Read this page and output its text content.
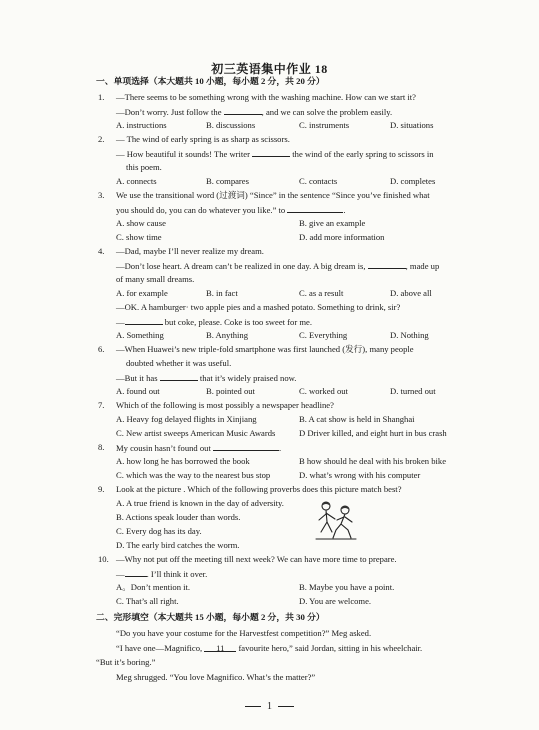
初三英语集中作业 18
一、单项选择（本大题共 10 小题，每小题 2 分，共 20 分）
1. —There seems to be something wrong with the washing machine. How can we start it?
—Don’t worry. Just follow the	, and we can solve the problem easily.
A. instructions	B. discussions	C. instruments	D. situations
2. — The wind of early spring is as sharp as scissors.
— How beautiful it sounds! The writer	the wind of the early spring to scissors in
this poem.
A. connects	B. compares	C. contacts	D. completes
3. We use the transitional word (过渡词) “Since” in the sentence “Since you’ve finished what
you should do, you can do whatever you like.” to	.
A. show cause	B. give an example
C. show time	D. add more information
4. —Dad, maybe I’ll never realize my dream.
—Don’t lose heart. A dream can’t be realized in one day. A big dream is,	, made up
of many small dreams.
A. for example	B. in fact	C. as a result	D. above all
—OK. A hamburger· two apple pies and a mashed potato. Something to drink, sir?
—	but coke, please. Coke is too sweet for me.
A. Something	B. Anything	C. Everything	D. Nothing
6. —When Huawei’s new triple-fold smartphone was first launched (发行), many people
doubted whether it was useful.
—But it has	that it’s widely praised now.
A. found out	B. pointed out	C. worked out	D. turned out
7. Which of the following is most possibly a newspaper headline?
A. Heavy fog delayed flights in Xinjiang	B. A cat show is held in Shanghai
C. New artist sweeps American Music Awards	D Driver killed, and eight hurt in bus crash
8. My cousin hasn’t found out	.
A. how long he has borrowed the book	B how should he deal with his broken bike
C. which was the way to the nearest bus stop	D. what’s wrong with his computer
9. Look at the picture . Which of the following proverbs does this picture match best?
A. A true friend is known in the day of adversity.
B. Actions speak louder than words.
C. Every dog has its day.
D. The early bird catches the worm.
10. —Why not put off the meeting till next week? We can have more time to prepare.
—	. I’ll think it over.
A。Don’t mention it.	B. Maybe you have a point.
C. That’s all right.	D. You are welcome.
二、完形填空（本大题共 15 小题，每小题 2 分，共 30 分）
“Do you have your costume for the Harvestfest competition?” Meg asked.
“I have one—Magnifico, 11 favourite hero,” said Jordan, sitting in his wheelchair.
“But it’s boring.”
Meg shrugged. “You love Magnifico. What’s the matter?”
1
